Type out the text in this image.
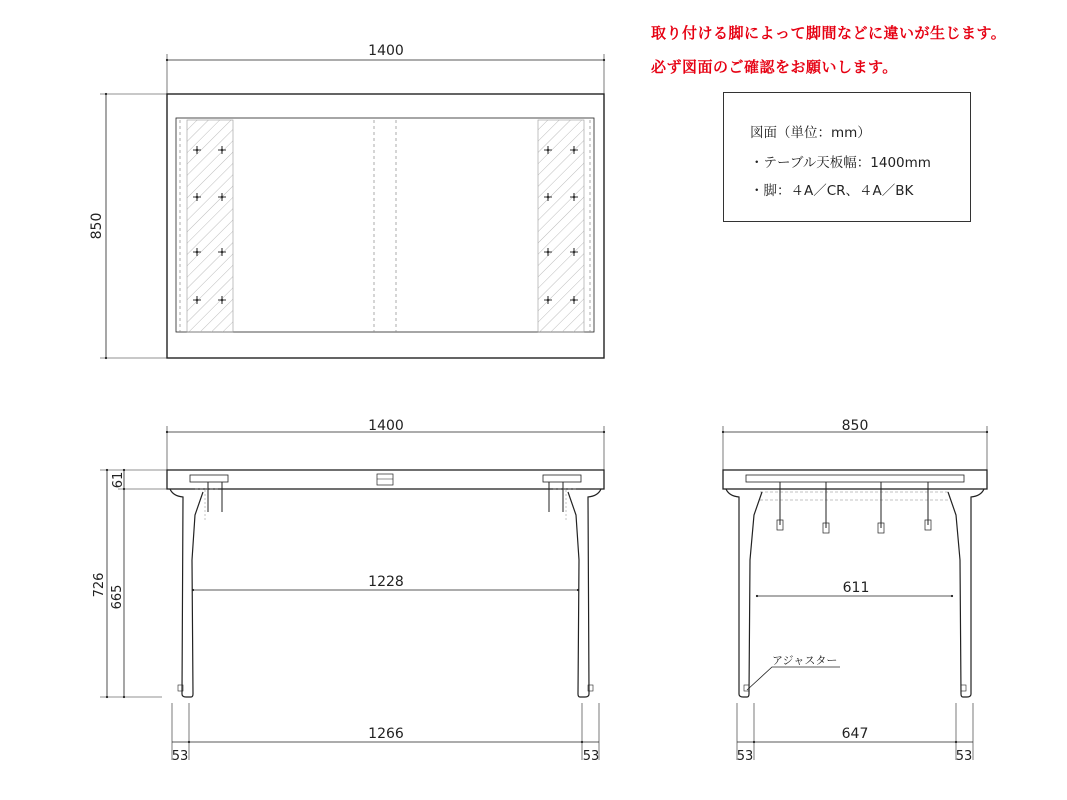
取り付ける脚によって脚間などに違いが生じます。
必ず図面のご確認をお願いします。
図面（単位：mm）
・テーブル天板幅：1400mm
・脚：４A／CR、４A／BK
1400
850
1400
61
726 665
1228
1266
53	53
850
611
アジャスター
647
53	53
